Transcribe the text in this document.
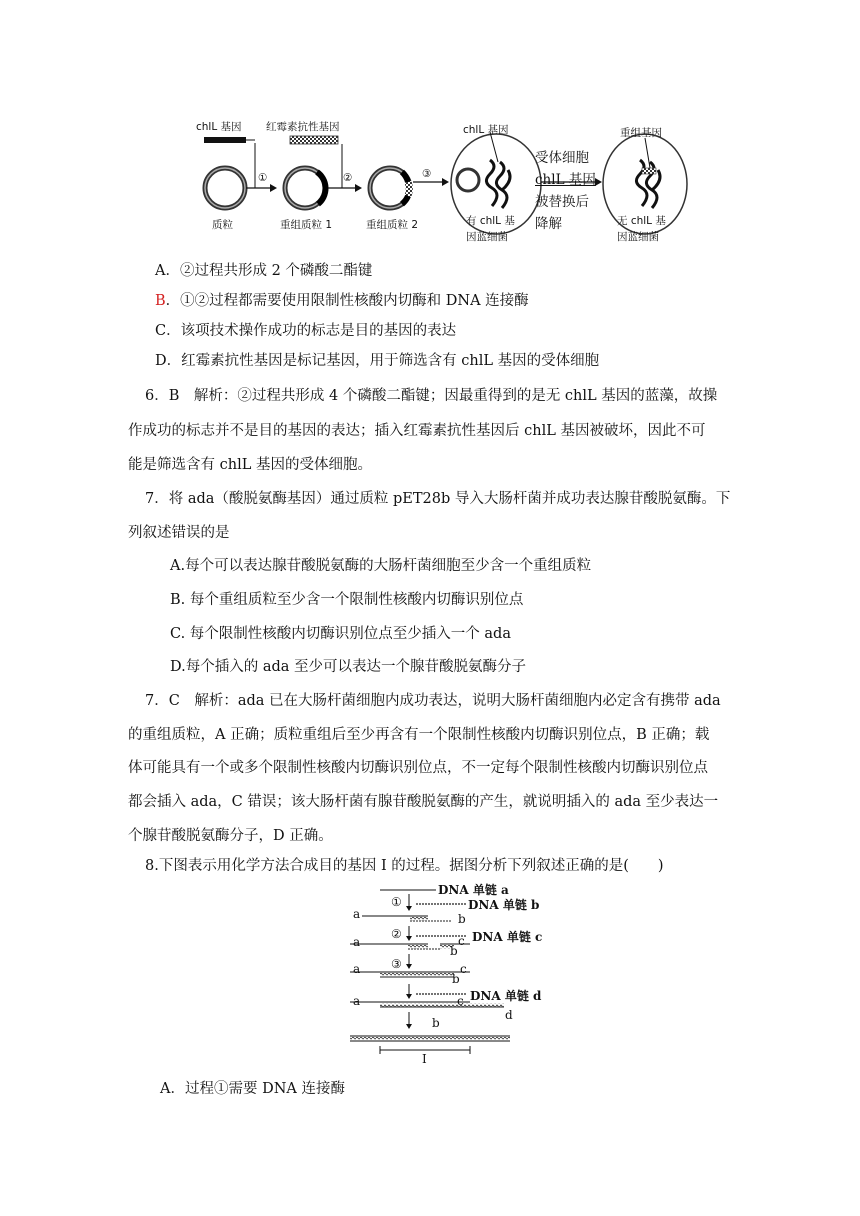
chlL 基因 红霉素抗性基因
质粒	重组质粒 1	重组质粒 2
①	②	③
chlL 基因
有 chlL 基
因蓝细菌
重组基因
无 chlL 基
因蓝细菌
受体细胞
chlL 基因
被替换后
降解
A．②过程共形成 2 个磷酸二酯键
B．①②过程都需要使用限制性核酸内切酶和 DNA 连接酶
C．该项技术操作成功的标志是目的基因的表达
D．红霉素抗性基因是标记基因，用于筛选含有 chlL 基因的受体细胞
6．B　解析：②过程共形成 4 个磷酸二酯键；因最重得到的是无 chlL 基因的蓝藻，故操
作成功的标志并不是目的基因的表达；插入红霉素抗性基因后 chlL 基因被破坏，因此不可
能是筛选含有 chlL 基因的受体细胞。
7．将 ada（酸脱氨酶基因）通过质粒 pET28b 导入大肠杆菌并成功表达腺苷酸脱氨酶。下
列叙述错误的是
A.每个可以表达腺苷酸脱氨酶的大肠杆菌细胞至少含一个重组质粒
B. 每个重组质粒至少含一个限制性核酸内切酶识别位点
C. 每个限制性核酸内切酶识别位点至少插入一个 ada
D.每个插入的 ada 至少可以表达一个腺苷酸脱氨酶分子
7．C　解析：ada 已在大肠杆菌细胞内成功表达，说明大肠杆菌细胞内必定含有携带 ada
的重组质粒，A 正确；质粒重组后至少再含有一个限制性核酸内切酶识别位点，B 正确；载
体可能具有一个或多个限制性核酸内切酶识别位点，不一定每个限制性核酸内切酶识别位点
都会插入 ada，C 错误；该大肠杆菌有腺苷酸脱氨酶的产生，就说明插入的 ada 至少表达一
个腺苷酸脱氨酶分子，D 正确。
8.下图表示用化学方法合成目的基因 I 的过程。据图分析下列叙述正确的是(　　)
DNA 单链 a
①	DNA 单链 b
a	b
②	DNA 单链 c
a	c
b
a	c
③
b
DNA 单链 d
a	c
d
b
I
A．过程①需要 DNA 连接酶
